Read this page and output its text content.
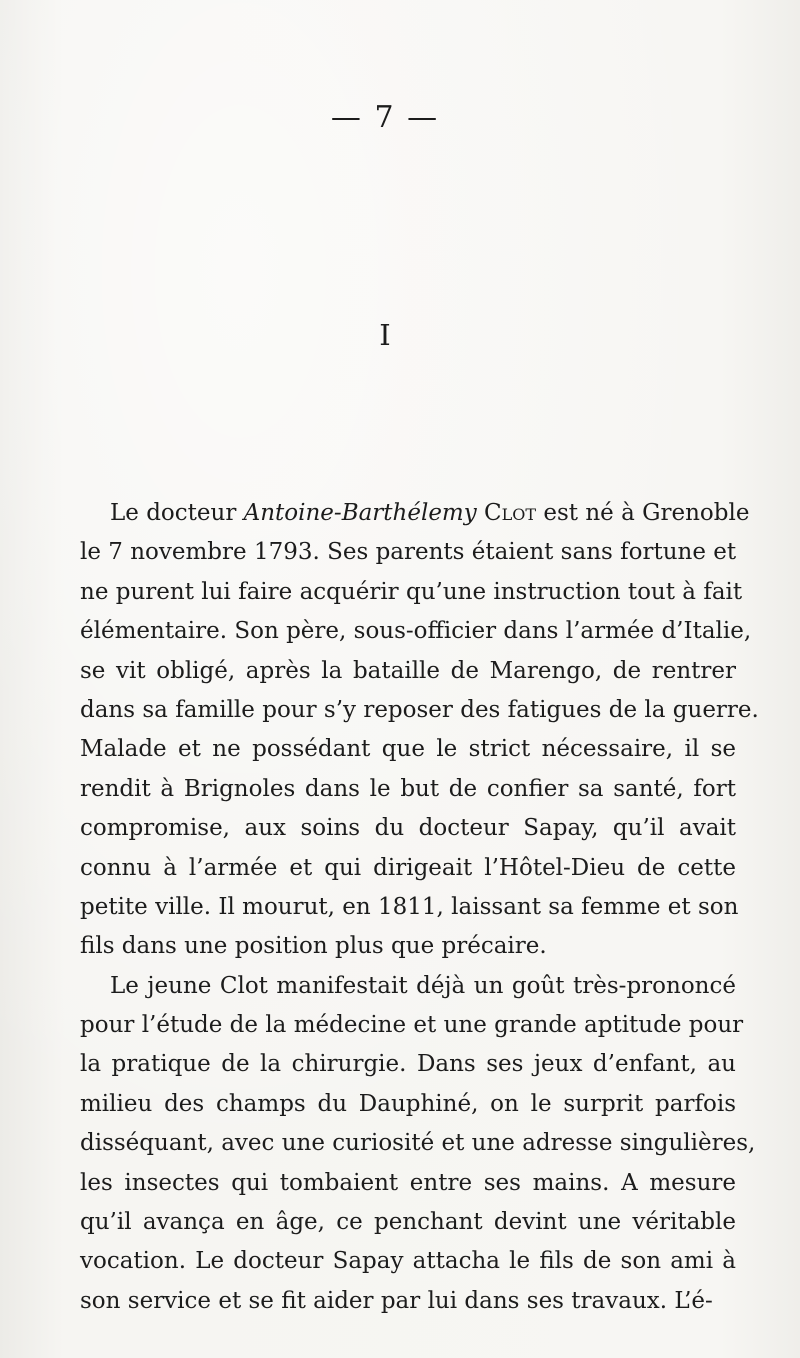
— 7 —
I
Le docteur Antoine-Barthélemy Clot est né à Grenoble
le 7 novembre 1793. Ses parents étaient sans fortune et
ne purent lui faire acquérir qu’une instruction tout à fait
élémentaire. Son père, sous-officier dans l’armée d’Italie,
se vit obligé, après la bataille de Marengo, de rentrer
dans sa famille pour s’y reposer des fatigues de la guerre.
Malade et ne possédant que le strict nécessaire, il se
rendit à Brignoles dans le but de confier sa santé, fort
compromise, aux soins du docteur Sapay, qu’il avait
connu à l’armée et qui dirigeait l’Hôtel-Dieu de cette
petite ville. Il mourut, en 1811, laissant sa femme et son
fils dans une position plus que précaire.
Le jeune Clot manifestait déjà un goût très-prononcé
pour l’étude de la médecine et une grande aptitude pour
la pratique de la chirurgie. Dans ses jeux d’enfant, au
milieu des champs du Dauphiné, on le surprit parfois
disséquant, avec une curiosité et une adresse singulières,
les insectes qui tombaient entre ses mains. A mesure
qu’il avança en âge, ce penchant devint une véritable
vocation. Le docteur Sapay attacha le fils de son ami à
son service et se fit aider par lui dans ses travaux. L’é-
